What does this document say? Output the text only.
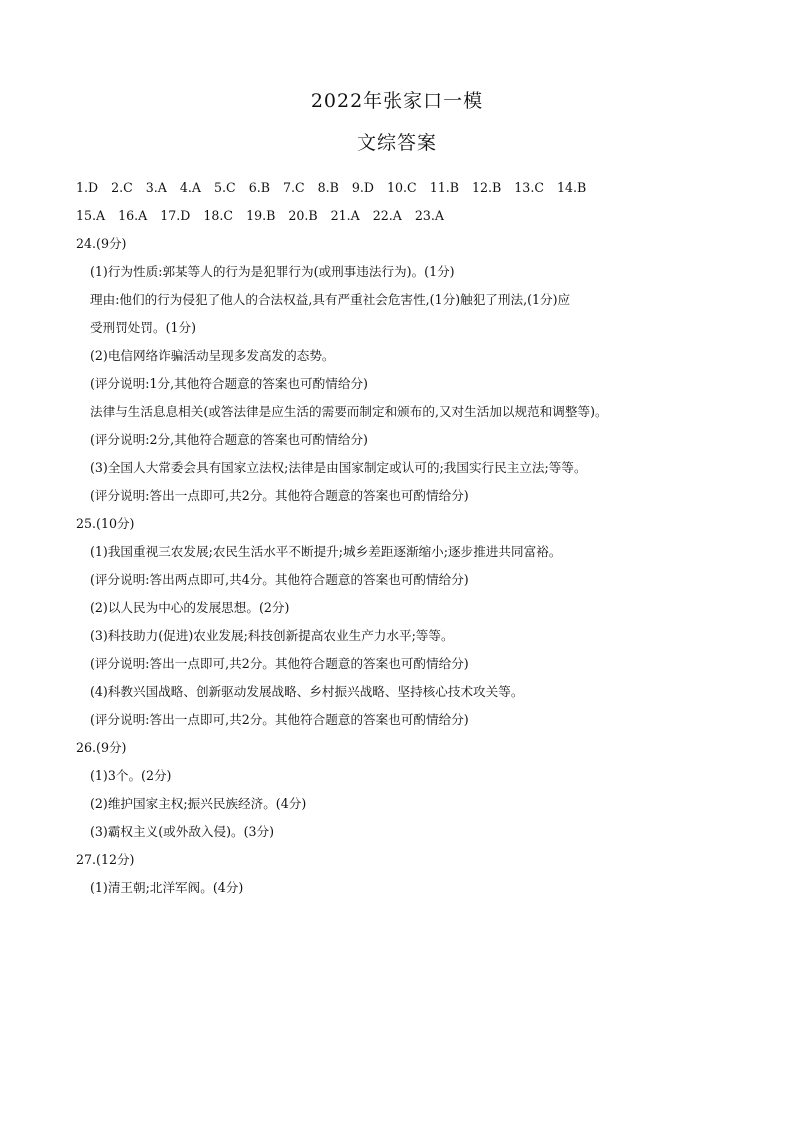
2022年张家口一模
文综答案
1.D 2.C 3.A 4.A 5.C 6.B 7.C 8.B 9.D 10.C 11.B 12.B 13.C 14.B
15.A 16.A 17.D 18.C 19.B 20.B 21.A 22.A 23.A
24.(9分)
(1)行为性质:郭某等人的行为是犯罪行为(或刑事违法行为)。(1分)
理由:他们的行为侵犯了他人的合法权益,具有严重社会危害性,(1分)触犯了刑法,(1分)应
受刑罚处罚。(1分)
(2)电信网络诈骗活动呈现多发高发的态势。
(评分说明:1分,其他符合题意的答案也可酌情给分)
法律与生活息息相关(或答法律是应生活的需要而制定和颁布的,又对生活加以规范和调整等)。
(评分说明:2分,其他符合题意的答案也可酌情给分)
(3)全国人大常委会具有国家立法权;法律是由国家制定或认可的;我国实行民主立法;等等。
(评分说明:答出一点即可,共2分。其他符合题意的答案也可酌情给分)
25.(10分)
(1)我国重视三农发展;农民生活水平不断提升;城乡差距逐渐缩小;逐步推进共同富裕。
(评分说明:答出两点即可,共4分。其他符合题意的答案也可酌情给分)
(2)以人民为中心的发展思想。(2分)
(3)科技助力(促进)农业发展;科技创新提高农业生产力水平;等等。
(评分说明:答出一点即可,共2分。其他符合题意的答案也可酌情给分)
(4)科教兴国战略、创新驱动发展战略、乡村振兴战略、坚持核心技术攻关等。
(评分说明:答出一点即可,共2分。其他符合题意的答案也可酌情给分)
26.(9分)
(1)3个。(2分)
(2)维护国家主权;振兴民族经济。(4分)
(3)霸权主义(或外敌入侵)。(3分)
27.(12分)
(1)清王朝;北洋军阀。(4分)
